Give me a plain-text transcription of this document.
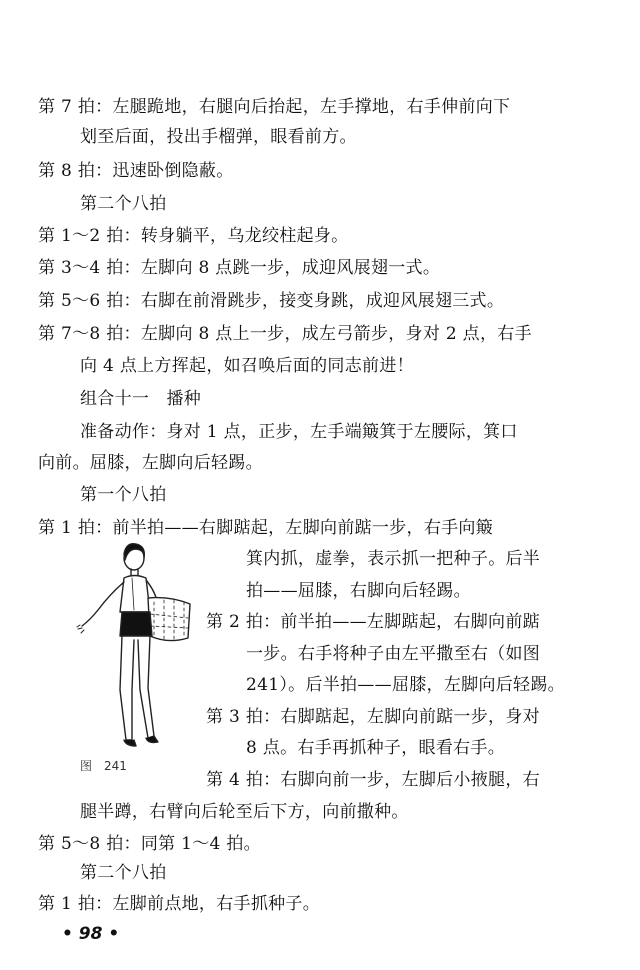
第 7 拍：左腿跪地，右腿向后抬起，左手撑地，右手伸前向下
划至后面，投出手榴弹，眼看前方。
第 8 拍：迅速卧倒隐蔽。
第二个八拍
第 1～2 拍：转身躺平，乌龙绞柱起身。
第 3～4 拍：左脚向 8 点跳一步，成迎风展翅一式。
第 5～6 拍：右脚在前滑跳步，接变身跳，成迎风展翅三式。
第 7～8 拍：左脚向 8 点上一步，成左弓箭步，身对 2 点，右手
向 4 点上方挥起，如召唤后面的同志前进！
组合十一　播种
准备动作：身对 1 点，正步，左手端簸箕于左腰际，箕口
向前。屈膝，左脚向后轻踢。
第一个八拍
第 1 拍：前半拍——右脚踮起，左脚向前踮一步，右手向簸
箕内抓，虚拳，表示抓一把种子。后半
拍——屈膝，右脚向后轻踢。
第 2 拍：前半拍——左脚踮起，右脚向前踮
一步。右手将种子由左平撒至右（如图
241）。后半拍——屈膝，左脚向后轻踢。
第 3 拍：右脚踮起，左脚向前踮一步，身对
8 点。右手再抓种子，眼看右手。
第 4 拍：右脚向前一步，左脚后小掖腿，右
腿半蹲，右臂向后轮至后下方，向前撒种。
第 5～8 拍：同第 1～4 拍。
第二个八拍
第 1 拍：左脚前点地，右手抓种子。
图　241
• 98 •
